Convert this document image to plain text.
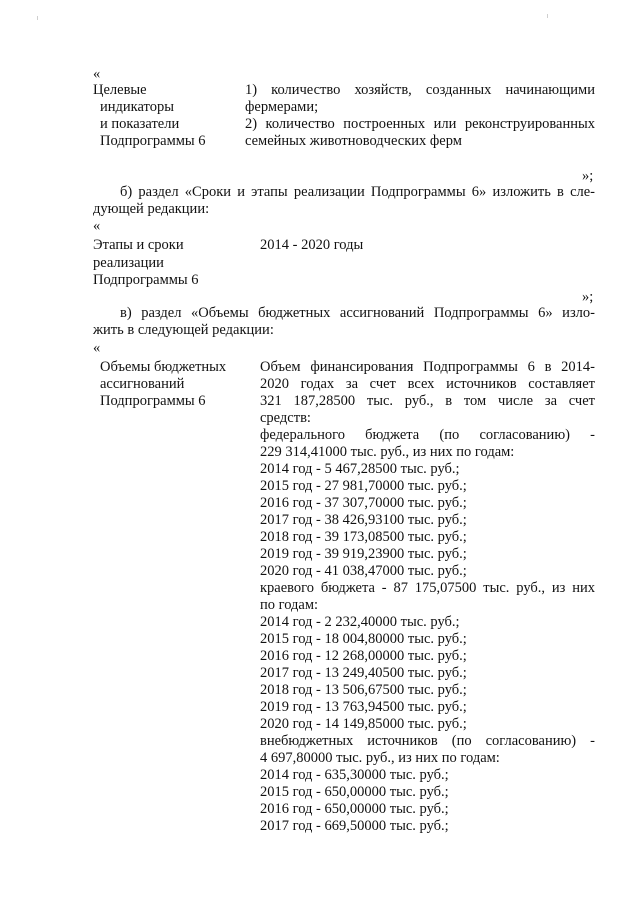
«
Целевые
индикаторы
и показатели
Подпрограммы 6
1) количество хозяйств, созданных начинающими
фермерами;
2) количество построенных или реконструированных
семейных животноводческих ферм
»;
б) раздел «Сроки и этапы реализации Подпрограммы 6» изложить в сле-
дующей редакции:
«
Этапы и сроки
реализации
Подпрограммы 6
2014 - 2020 годы
»;
в) раздел «Объемы бюджетных ассигнований Подпрограммы 6» изло-
жить в следующей редакции:
«
Объемы бюджетных
ассигнований
Подпрограммы 6
Объем финансирования Подпрограммы 6 в 2014-
2020 годах за счет всех источников составляет
321 187,28500 тыс. руб., в том числе за счет
средств:
федерального бюджета (по согласованию) -
229 314,41000 тыс. руб., из них по годам:
2014 год - 5 467,28500 тыс. руб.;
2015 год - 27 981,70000 тыс. руб.;
2016 год - 37 307,70000 тыс. руб.;
2017 год - 38 426,93100 тыс. руб.;
2018 год - 39 173,08500 тыс. руб.;
2019 год - 39 919,23900 тыс. руб.;
2020 год - 41 038,47000 тыс. руб.;
краевого бюджета - 87 175,07500 тыс. руб., из них
по годам:
2014 год - 2 232,40000 тыс. руб.;
2015 год - 18 004,80000 тыс. руб.;
2016 год - 12 268,00000 тыс. руб.;
2017 год - 13 249,40500 тыс. руб.;
2018 год - 13 506,67500 тыс. руб.;
2019 год - 13 763,94500 тыс. руб.;
2020 год - 14 149,85000 тыс. руб.;
внебюджетных источников (по согласованию) -
4 697,80000 тыс. руб., из них по годам:
2014 год - 635,30000 тыс. руб.;
2015 год - 650,00000 тыс. руб.;
2016 год - 650,00000 тыс. руб.;
2017 год - 669,50000 тыс. руб.;
